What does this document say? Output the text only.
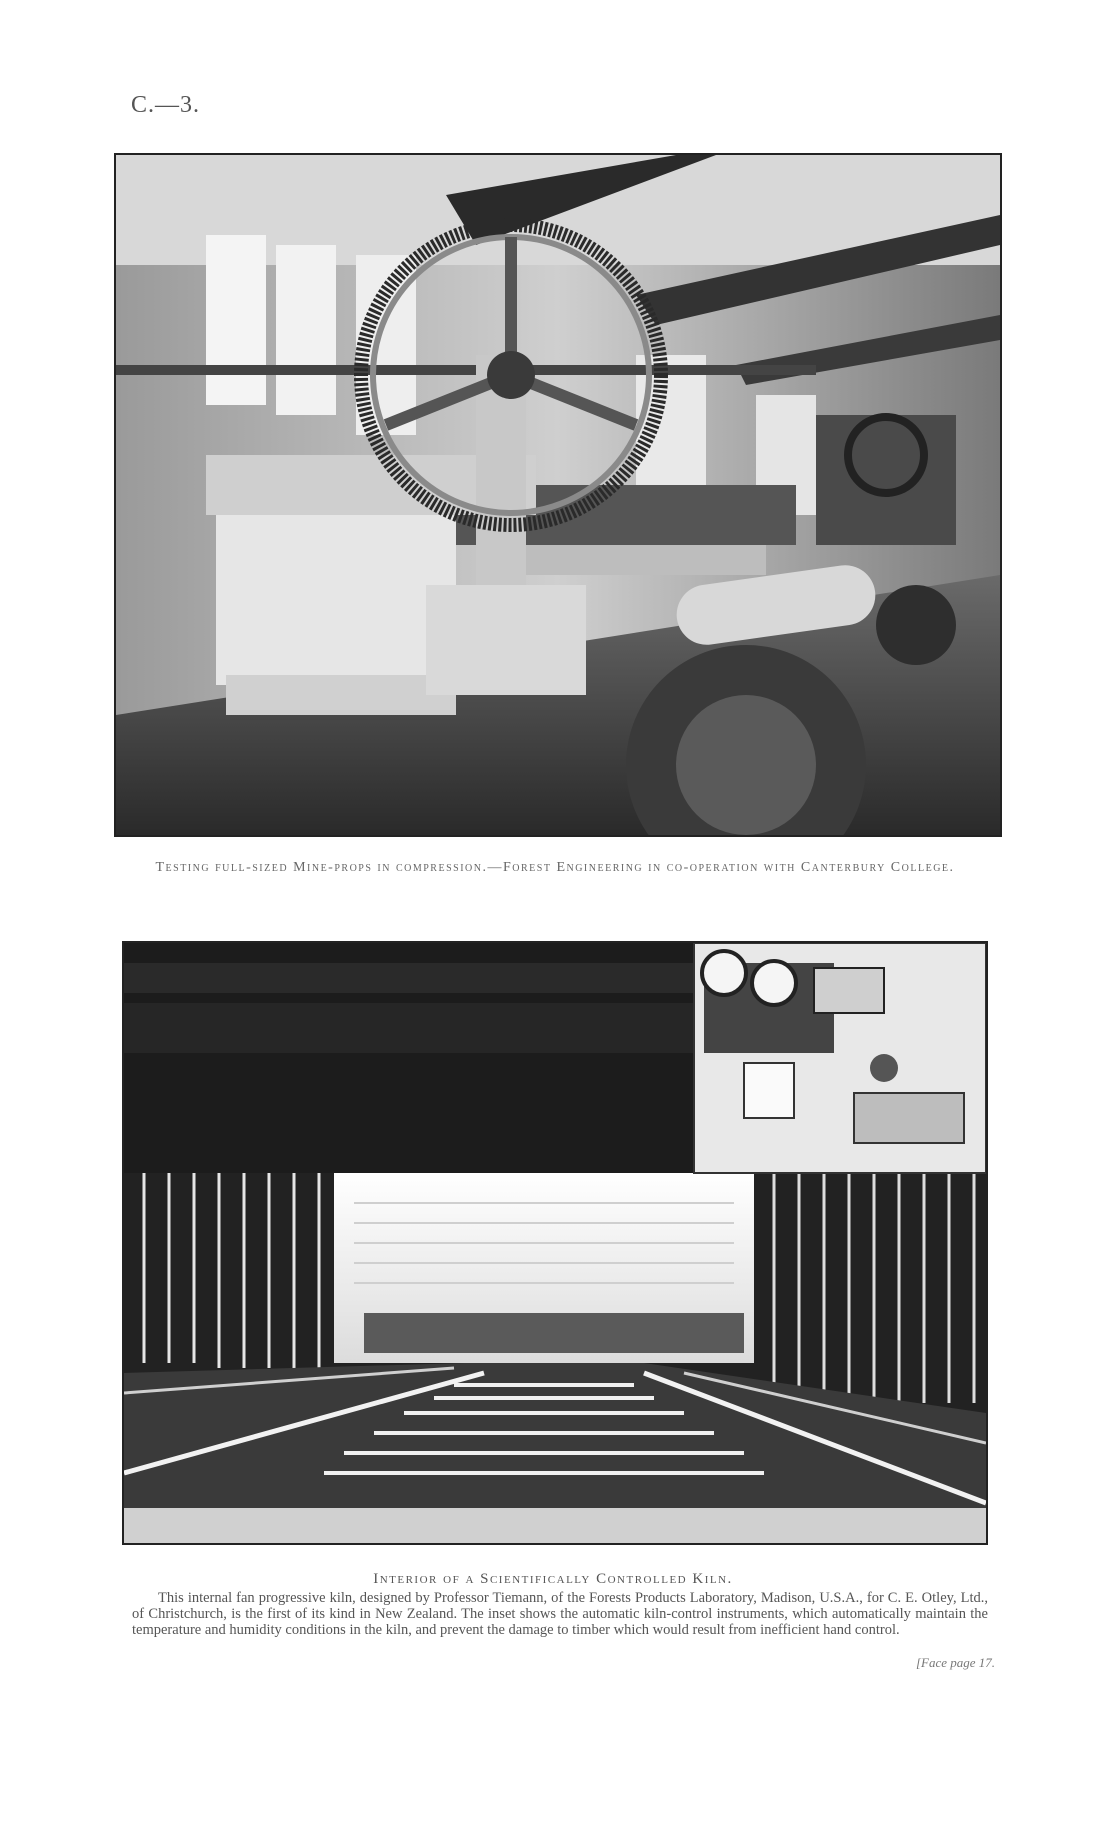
C.—3.
Testing full-sized Mine-props in compression.—Forest Engineering in co-operation with Canterbury College.
Interior of a Scientifically Controlled Kiln.
This internal fan progressive kiln, designed by Professor Tiemann, of the Forests Products Laboratory, Madison, U.S.A., for C. E. Otley, Ltd., of Christchurch, is the first of its kind in New Zealand. The inset shows the automatic kiln-control instruments, which automatically maintain the temperature and humidity conditions in the kiln, and prevent the damage to timber which would result from inefficient hand control.
[Face page 17.
